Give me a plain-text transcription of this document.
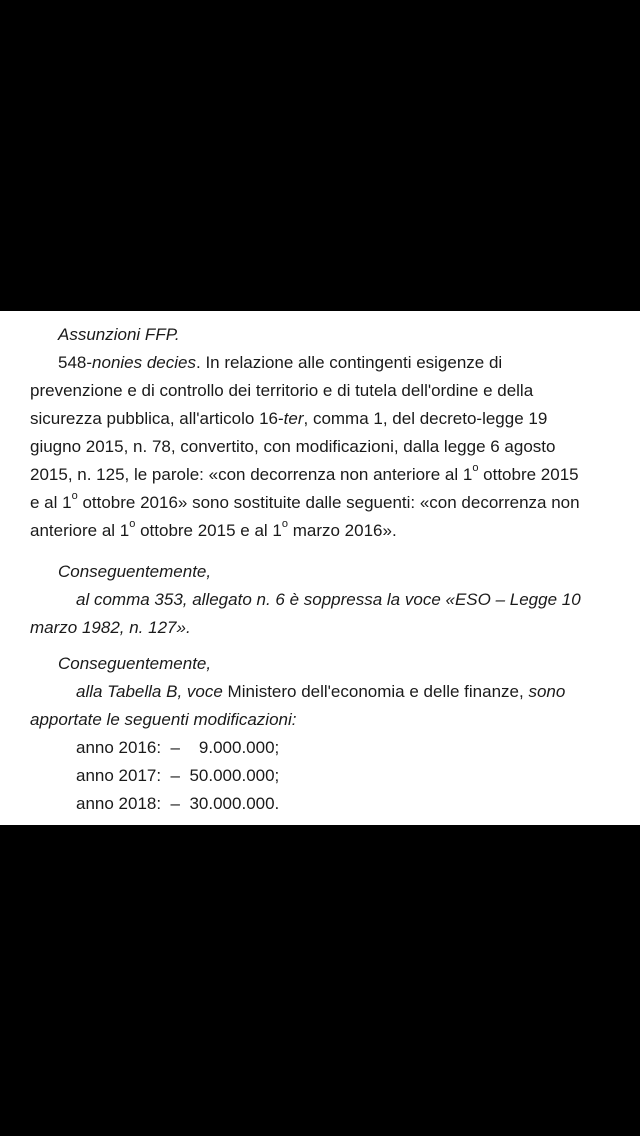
Assunzioni FFP.
548-nonies decies. In relazione alle contingenti esigenze di
prevenzione e di controllo dei territorio e di tutela dell'ordine e della
sicurezza pubblica, all'articolo 16-ter, comma 1, del decreto-legge 19
giugno 2015, n. 78, convertito, con modificazioni, dalla legge 6 agosto
2015, n. 125, le parole: «con decorrenza non anteriore al 1$^o$ ottobre 2015
e al 1$^o$ ottobre 2016» sono sostituite dalle seguenti: «con decorrenza non
anteriore al 1$^o$ ottobre 2015 e al 1$^o$ marzo 2016».
Conseguentemente,
al comma 353, allegato n. 6 è soppressa la voce «ESO – Legge 10
marzo 1982, n. 127».
Conseguentemente,
alla Tabella B, voce Ministero dell'economia e delle finanze, sono
apportate le seguenti modificazioni:
anno 2016: – 9.000.000;
anno 2017: – 50.000.000;
anno 2018: – 30.000.000.
